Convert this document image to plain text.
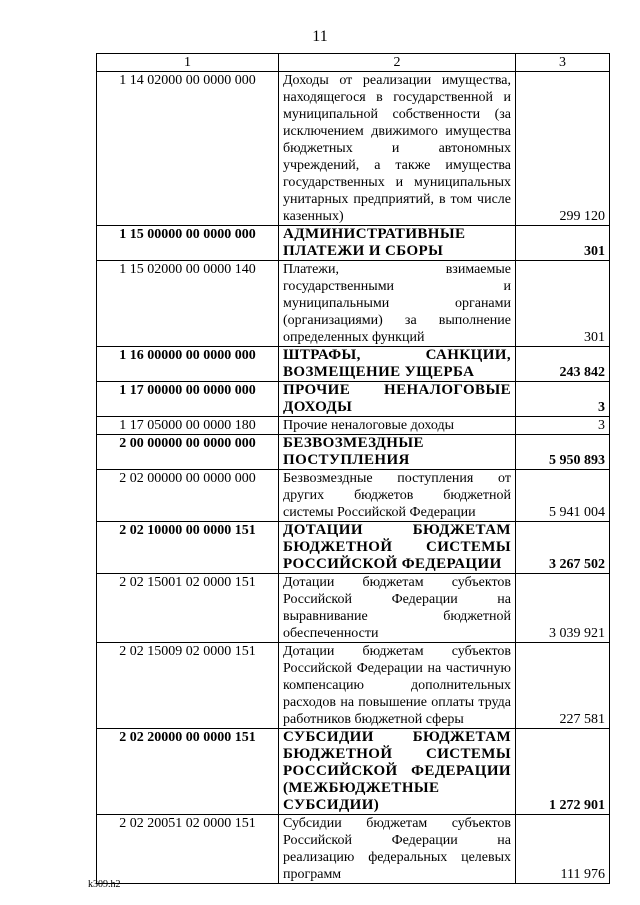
11
1	2	3
1 14 02000 00 0000 000	Доходы от реализации имущества, находящегося в государственной и муниципальной собственности (за исключением движимого имущества бюджетных и автономных учреждений, а также имущества государственных и муниципальных унитарных предприятий, в том числе казенных)	299 120
1 15 00000 00 0000 000	АДМИНИСТРАТИВНЫЕ ПЛАТЕЖИ И СБОРЫ	301
1 15 02000 00 0000 140	Платежи, взимаемые государственными и муниципальными органами (организациями) за выполнение определенных функций	301
1 16 00000 00 0000 000	ШТРАФЫ, САНКЦИИ, ВОЗМЕЩЕНИЕ УЩЕРБА	243 842
1 17 00000 00 0000 000	ПРОЧИЕ НЕНАЛОГОВЫЕ ДОХОДЫ	3
1 17 05000 00 0000 180	Прочие неналоговые доходы	3
2 00 00000 00 0000 000	БЕЗВОЗМЕЗДНЫЕ ПОСТУПЛЕНИЯ	5 950 893
2 02 00000 00 0000 000	Безвозмездные поступления от других бюджетов бюджетной системы Российской Федерации	5 941 004
2 02 10000 00 0000 151	ДОТАЦИИ БЮДЖЕТАМ БЮДЖЕТНОЙ СИСТЕМЫ РОССИЙСКОЙ ФЕДЕРАЦИИ	3 267 502
2 02 15001 02 0000 151	Дотации бюджетам субъектов Российской Федерации на выравнивание бюджетной обеспеченности	3 039 921
2 02 15009 02 0000 151	Дотации бюджетам субъектов Российской Федерации на частичную компенсацию дополнительных расходов на повышение оплаты труда работников бюджетной сферы	227 581
2 02 20000 00 0000 151	СУБСИДИИ БЮДЖЕТАМ БЮДЖЕТНОЙ СИСТЕМЫ РОССИЙСКОЙ ФЕДЕРАЦИИ (МЕЖБЮДЖЕТНЫЕ СУБСИДИИ)	1 272 901
2 02 20051 02 0000 151	Субсидии бюджетам субъектов Российской Федерации на реализацию федеральных целевых программ	111 976
k309.h2
